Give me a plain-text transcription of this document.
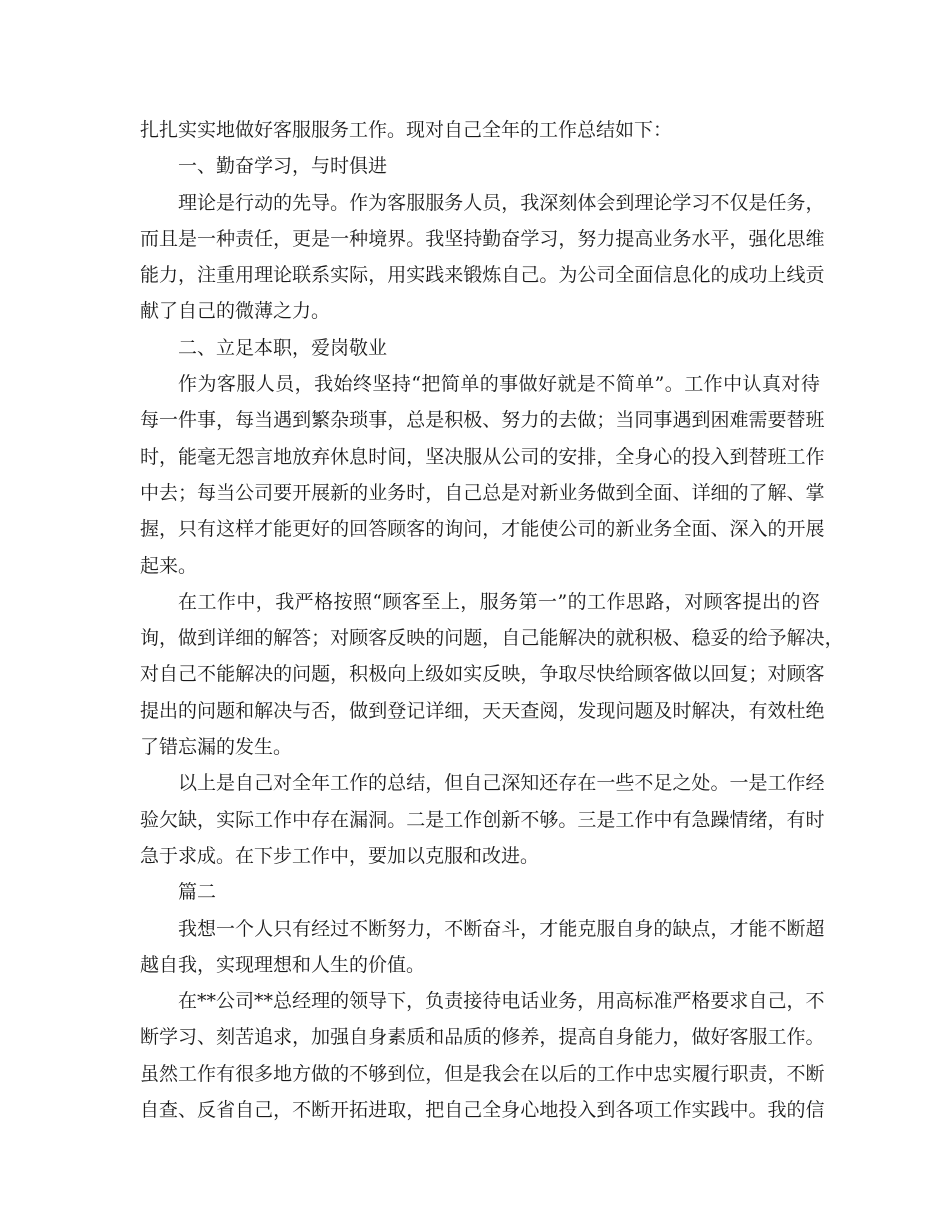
扎扎实实地做好客服服务工作。现对自己全年的工作总结如下：
一、勤奋学习，与时俱进
理 论 是 行 动 的 先 导 。 作 为 客 服 服 务 人 员 ， 我 深 刻 体 会 到 理 论 学 习 不 仅 是 任 务 ，
而 且 是 一 种 责 任 ， 更 是 一 种 境 界 。 我 坚 持 勤 奋 学 习 ， 努 力 提 高 业 务 水 平 ， 强 化 思 维
能 力 ， 注 重 用 理 论 联 系 实 际 ， 用 实 践 来 锻 炼 自 己 。 为 公 司 全 面 信 息 化 的 成 功 上 线 贡
献了自己的微薄之力。
二、立足本职，爱岗敬业
作 为 客 服 人 员 ， 我 始 终 坚 持 “ 把 简 单 的 事 做 好 就 是 不 简 单 ” 。 工 作 中 认 真 对 待
每 一 件 事 ， 每 当 遇 到 繁 杂 琐 事 ， 总 是 积 极 、 努 力 的 去 做 ； 当 同 事 遇 到 困 难 需 要 替 班
时 ， 能 毫 无 怨 言 地 放 弃 休 息 时 间 ， 坚 决 服 从 公 司 的 安 排 ， 全 身 心 的 投 入 到 替 班 工 作
中 去 ； 每 当 公 司 要 开 展 新 的 业 务 时 ， 自 己 总 是 对 新 业 务 做 到 全 面 、 详 细 的 了 解 、 掌
握 ， 只 有 这 样 才 能 更 好 的 回 答 顾 客 的 询 问 ， 才 能 使 公 司 的 新 业 务 全 面 、 深 入 的 开 展
起来。
在 工 作 中 ， 我 严 格 按 照 “ 顾 客 至 上 ， 服 务 第 一 ” 的 工 作 思 路 ， 对 顾 客 提 出 的 咨
询 ， 做 到 详 细 的 解 答 ； 对 顾 客 反 映 的 问 题 ， 自 己 能 解 决 的 就 积 极 、 稳 妥 的 给 予 解 决 ，
对 自 己 不 能 解 决 的 问 题 ， 积 极 向 上 级 如 实 反 映 ， 争 取 尽 快 给 顾 客 做 以 回 复 ； 对 顾 客
提 出 的 问 题 和 解 决 与 否 ， 做 到 登 记 详 细 ， 天 天 查 阅 ， 发 现 问 题 及 时 解 决 ， 有 效 杜 绝
了错忘漏的发生。
以 上 是 自 己 对 全 年 工 作 的 总 结 ， 但 自 己 深 知 还 存 在 一 些 不 足 之 处 。 一 是 工 作 经
验 欠 缺 ， 实 际 工 作 中 存 在 漏 洞 。 二 是 工 作 创 新 不 够 。 三 是 工 作 中 有 急 躁 情 绪 ， 有 时
急于求成。在下步工作中，要加以克服和改进。
篇二
我 想 一 个 人 只 有 经 过 不 断 努 力 ， 不 断 奋 斗 ， 才 能 克 服 自 身 的 缺 点 ， 才 能 不 断 超
越自我，实现理想和人生的价值。
在 * * 公 司 * * 总 经 理 的 领 导 下 ， 负 责 接 待 电 话 业 务 ， 用 高 标 准 严 格 要 求 自 己 ， 不
断 学 习 、 刻 苦 追 求 ， 加 强 自 身 素 质 和 品 质 的 修 养 ， 提 高 自 身 能 力 ， 做 好 客 服 工 作 。
虽 然 工 作 有 很 多 地 方 做 的 不 够 到 位 ， 但 是 我 会 在 以 后 的 工 作 中 忠 实 履 行 职 责 ， 不 断
自 查 、 反 省 自 己 ， 不 断 开 拓 进 取 ， 把 自 己 全 身 心 地 投 入 到 各 项 工 作 实 践 中 。 我 的 信
